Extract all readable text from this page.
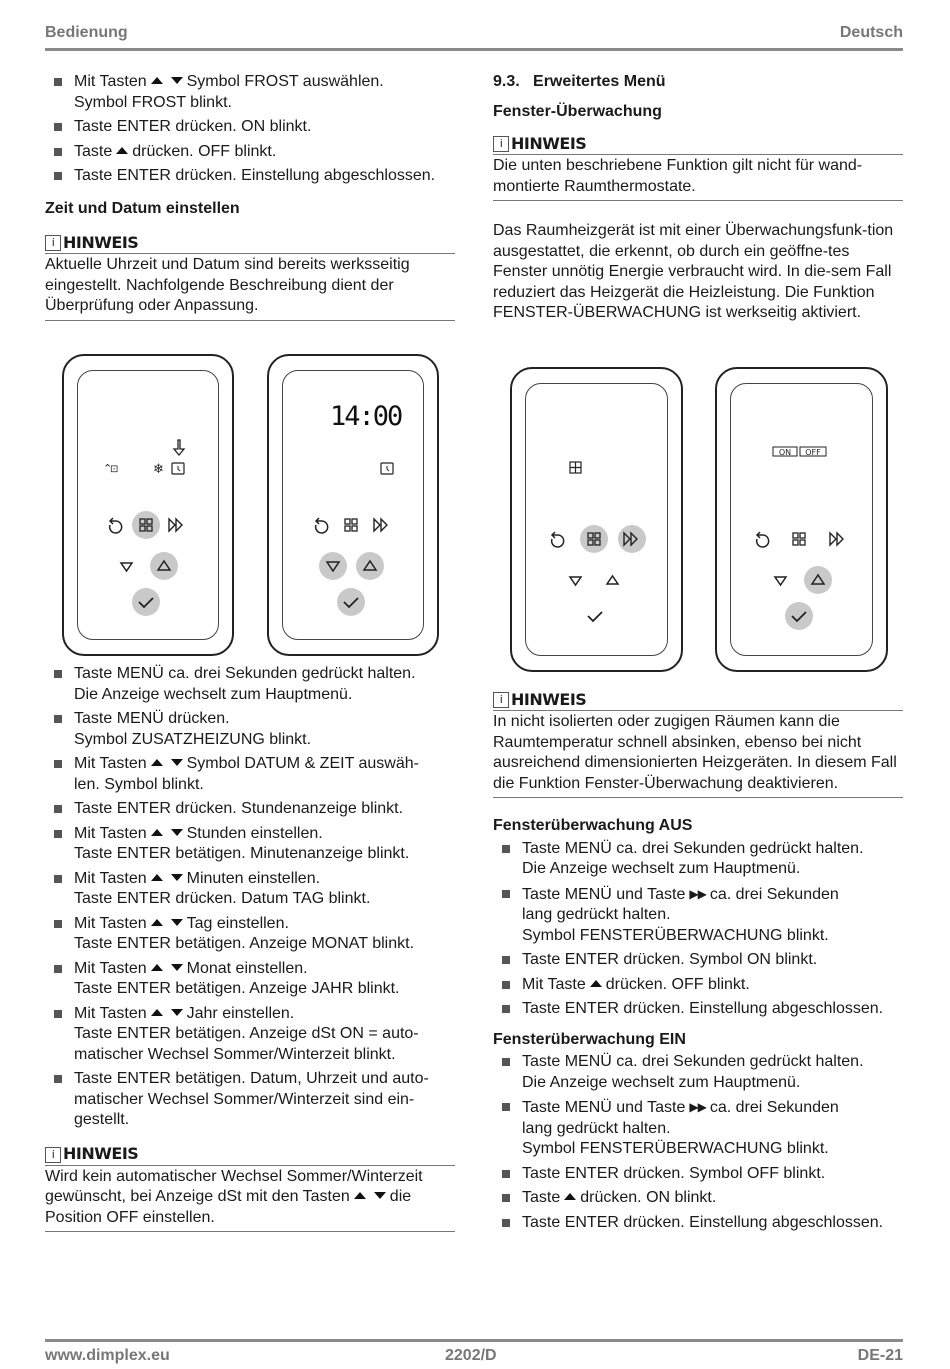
Bedienung	Deutsch
Mit Tasten	Symbol FROST auswählen.
Symbol FROST blinkt.
Taste ENTER drücken. ON blinkt.
Taste drücken. OFF blinkt.
Taste ENTER drücken. Einstellung abgeschlossen.
Zeit und Datum einstellen
i HINWEIS
Aktuelle Uhrzeit und Datum sind bereits werksseitig eingestellt. Nachfolgende Beschreibung dient der Überprüfung oder Anpassung.
⌃
⊡	❄
14:00
Taste MENÜ ca. drei Sekunden gedrückt halten.
Die Anzeige wechselt zum Hauptmenü.
Taste MENÜ drücken.
Symbol ZUSATZHEIZUNG blinkt.
Mit Tasten	Symbol DATUM & ZEIT auswäh-
len. Symbol blinkt.
Taste ENTER drücken. Stundenanzeige blinkt.
Mit Tasten	Stunden einstellen.
Taste ENTER betätigen. Minutenanzeige blinkt.
Mit Tasten	Minuten einstellen.
Taste ENTER drücken. Datum TAG blinkt.
Mit Tasten	Tag einstellen.
Taste ENTER betätigen. Anzeige MONAT blinkt.
Mit Tasten	Monat einstellen.
Taste ENTER betätigen. Anzeige JAHR blinkt.
Mit Tasten	Jahr einstellen.
Taste ENTER betätigen. Anzeige dSt ON = auto-
matischer Wechsel Sommer/Winterzeit blinkt.
Taste ENTER betätigen. Datum, Uhrzeit und auto-
matischer Wechsel Sommer/Winterzeit sind ein-
gestellt.
i HINWEIS
Wird kein automatischer Wechsel Sommer/Winterzeit gewünscht, bei Anzeige dSt mit den Tasten	die Position OFF einstellen.
9.3. Erweitertes Menü
Fenster-Überwachung
i HINWEIS
Die unten beschriebene Funktion gilt nicht für wand-montierte Raumthermostate.
Das Raumheizgerät ist mit einer Überwachungsfunk-tion ausgestattet, die erkennt, ob durch ein geöffne-tes Fenster unnötig Energie verbraucht wird. In die-sem Fall reduziert das Heizgerät die Heizleistung. Die Funktion FENSTER-ÜBERWACHUNG ist werkseitig aktiviert.
ON OFF
i HINWEIS
In nicht isolierten oder zugigen Räumen kann die Raumtemperatur schnell absinken, ebenso bei nicht ausreichend dimensionierten Heizgeräten. In diesem Fall die Funktion Fenster-Überwachung deaktivieren.
Fensterüberwachung AUS
Taste MENÜ ca. drei Sekunden gedrückt halten.
Die Anzeige wechselt zum Hauptmenü.
Taste MENÜ und Taste ▶▶ ca. drei Sekunden
lang gedrückt halten.
Symbol FENSTERÜBERWACHUNG blinkt.
Taste ENTER drücken. Symbol ON blinkt.
Mit Taste drücken. OFF blinkt.
Taste ENTER drücken. Einstellung abgeschlossen.
Fensterüberwachung EIN
Taste MENÜ ca. drei Sekunden gedrückt halten.
Die Anzeige wechselt zum Hauptmenü.
Taste MENÜ und Taste ▶▶ ca. drei Sekunden
lang gedrückt halten.
Symbol FENSTERÜBERWACHUNG blinkt.
Taste ENTER drücken. Symbol OFF blinkt.
Taste drücken. ON blinkt.
Taste ENTER drücken. Einstellung abgeschlossen.
www.dimplex.eu	2202/D	DE-21
